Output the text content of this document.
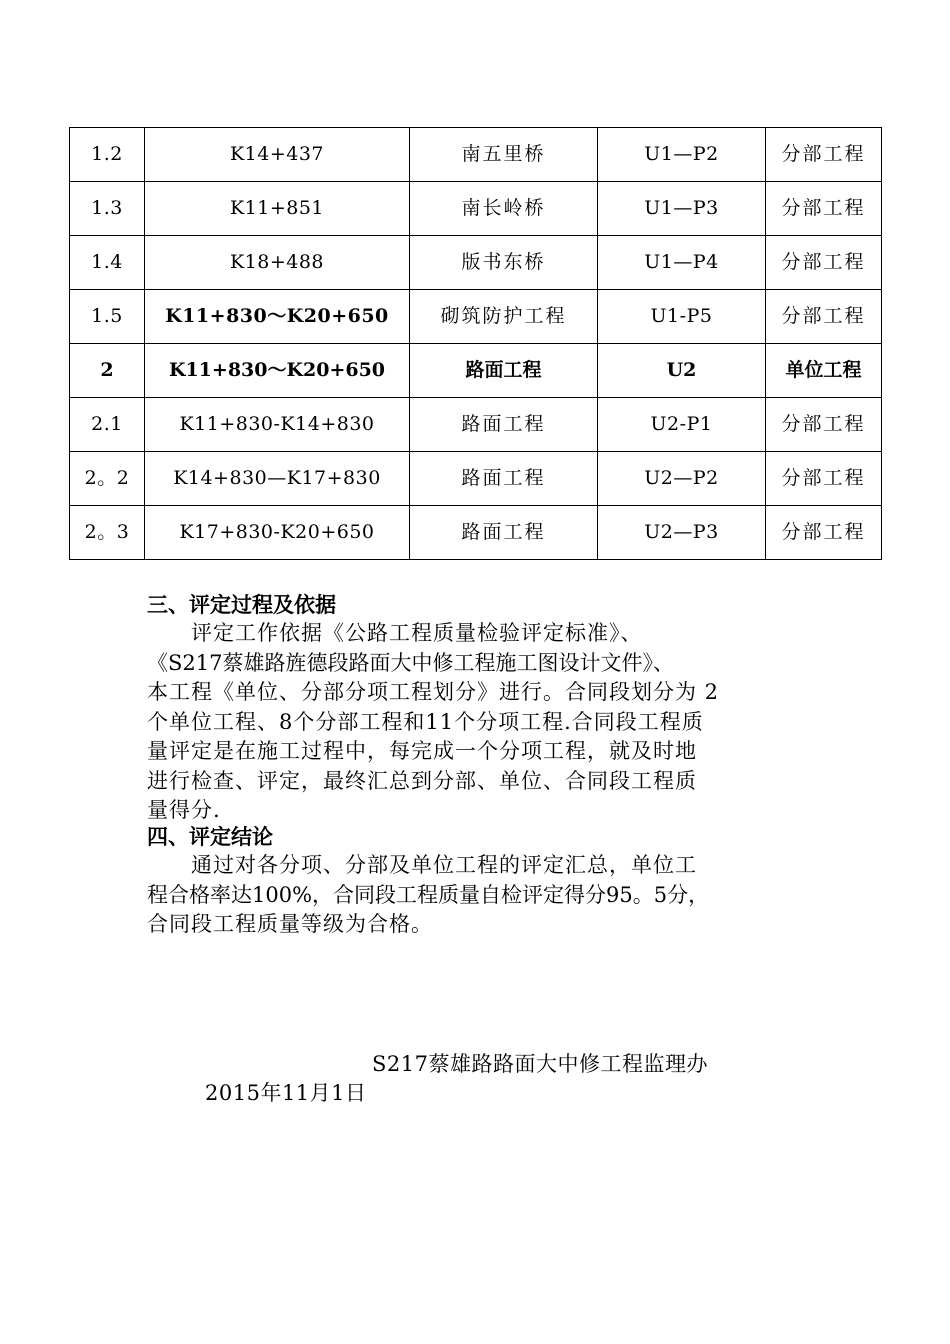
1.2	K14+437	南五里桥	U1—P2	分部工程
1.3	K11+851	南长岭桥	U1—P3	分部工程
1.4	K18+488	版书东桥	U1—P4	分部工程
1.5	K11+830～K20+650	砌筑防护工程	U1-P5	分部工程
2	K11+830～K20+650	路面工程	U2	单位工程
2.1	K11+830-K14+830	路面工程	U2-P1	分部工程
2。2	K14+830—K17+830	路面工程	U2—P2	分部工程
2。3	K17+830-K20+650	路面工程	U2—P3	分部工程
三、评定过程及依据
　　评定工作依据《公路工程质量检验评定标准》、
《S217蔡雄路旌德段路面大中修工程施工图设计文件》、
本工程《单位、分部分项工程划分》进行。合同段划分为 2
个单位工程、8个分部工程和11个分项工程.合同段工程质
量评定是在施工过程中，每完成一个分项工程，就及时地
进行检查、评定，最终汇总到分部、单位、合同段工程质
量得分.
四、评定结论
　　通过对各分项、分部及单位工程的评定汇总，单位工
程合格率达100%，合同段工程质量自检评定得分95。5分，
合同段工程质量等级为合格。
S217蔡雄路路面大中修工程监理办
2015年11月1日
